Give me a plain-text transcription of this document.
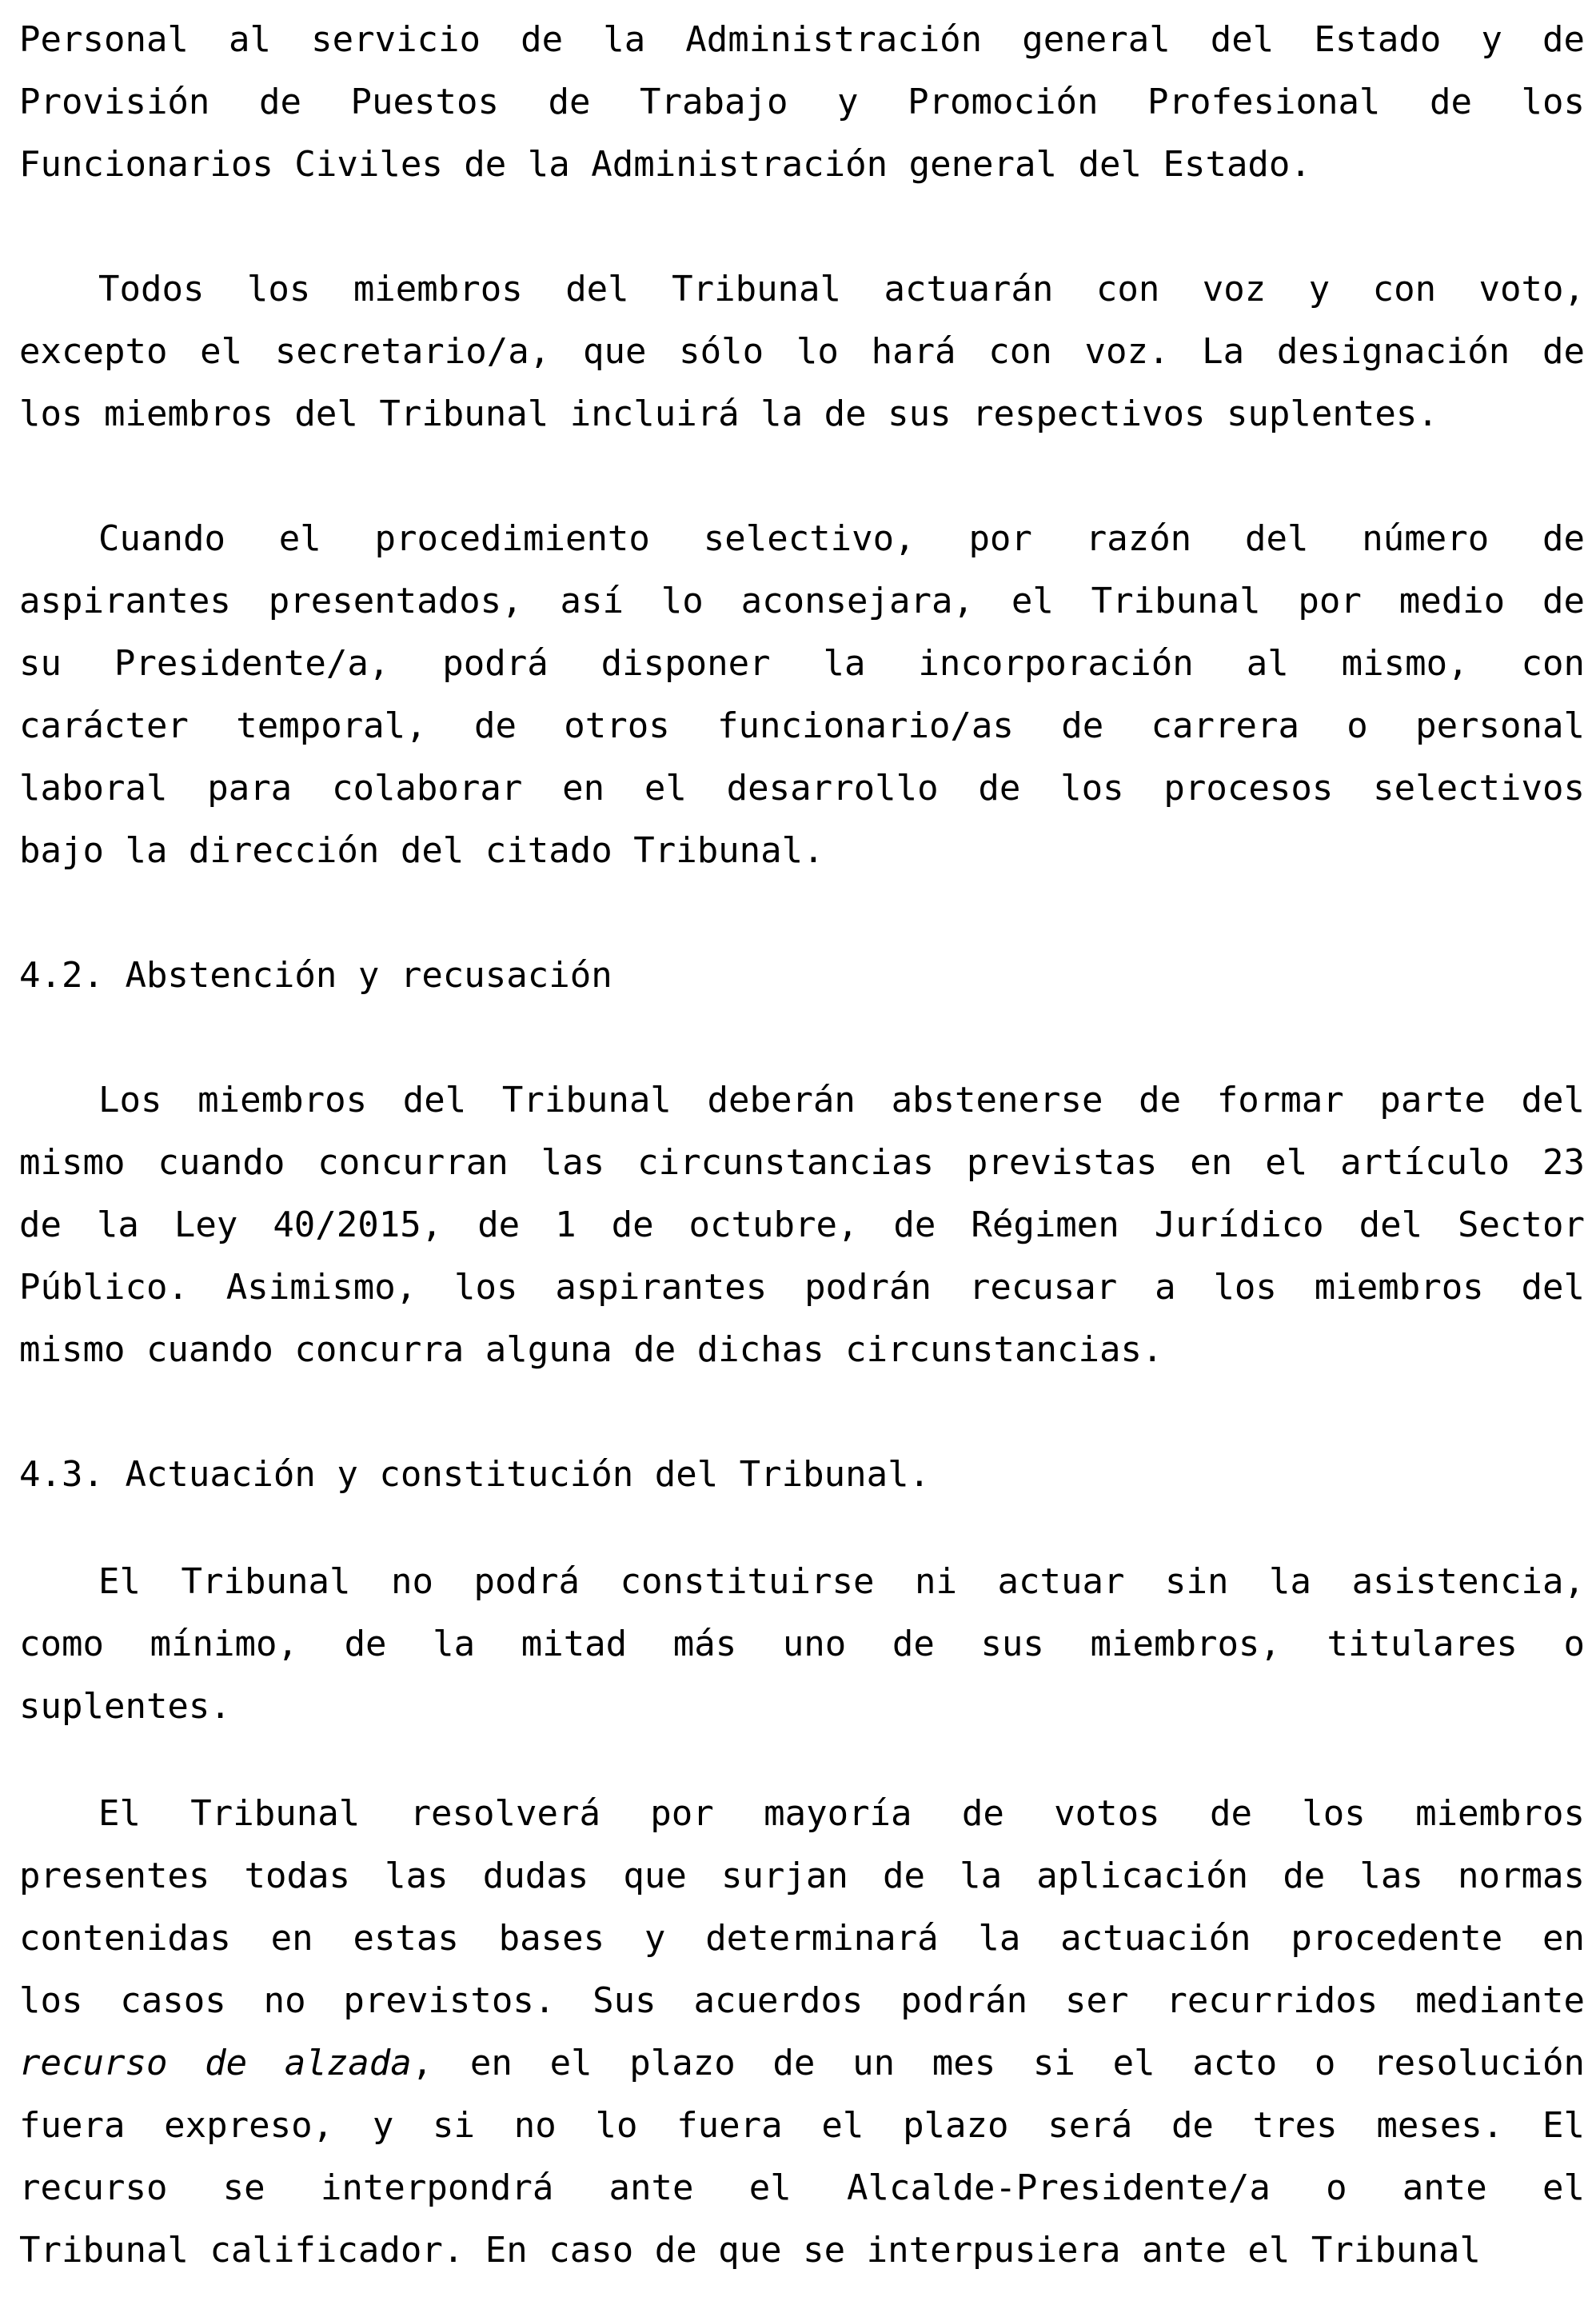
Personal al servicio de la Administración general del Estado y de
Provisión de Puestos de Trabajo y Promoción Profesional de los
Funcionarios Civiles de la Administración general del Estado.
Todos los miembros del Tribunal actuarán con voz y con voto,
excepto el secretario/a, que sólo lo hará con voz. La designación de
los miembros del Tribunal incluirá la de sus respectivos suplentes.
Cuando el procedimiento selectivo, por razón del número de
aspirantes presentados, así lo aconsejara, el Tribunal por medio de
su Presidente/a, podrá disponer la incorporación al mismo, con
carácter temporal, de otros funcionario/as de carrera o personal
laboral para colaborar en el desarrollo de los procesos selectivos
bajo la dirección del citado Tribunal.
4.2. Abstención y recusación
Los miembros del Tribunal deberán abstenerse de formar parte del
mismo cuando concurran las circunstancias previstas en el artículo 23
de la Ley 40/2015, de 1 de octubre, de Régimen Jurídico del Sector
Público. Asimismo, los aspirantes podrán recusar a los miembros del
mismo cuando concurra alguna de dichas circunstancias.
4.3. Actuación y constitución del Tribunal.
El Tribunal no podrá constituirse ni actuar sin la asistencia,
como mínimo, de la mitad más uno de sus miembros, titulares o
suplentes.
El Tribunal resolverá por mayoría de votos de los miembros
presentes todas las dudas que surjan de la aplicación de las normas
contenidas en estas bases y determinará la actuación procedente en
los casos no previstos. Sus acuerdos podrán ser recurridos mediante
recurso de alzada, en el plazo de un mes si el acto o resolución
fuera expreso, y si no lo fuera el plazo será de tres meses. El
recurso se interpondrá ante el Alcalde-Presidente/a o ante el
Tribunal calificador. En caso de que se interpusiera ante el Tribunal
